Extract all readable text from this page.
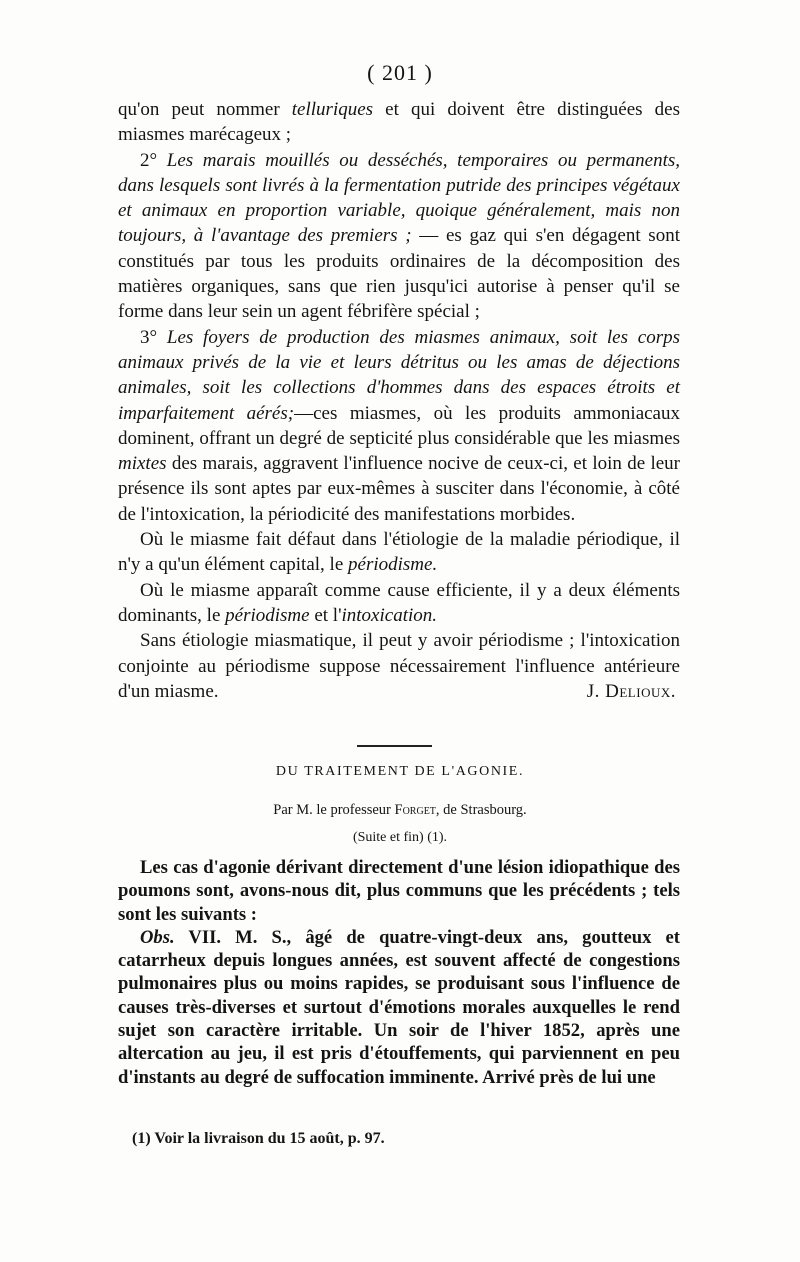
( 201 )

qu'on peut nommer telluriques et qui doivent être distinguées des miasmes marécageux ;

2° Les marais mouillés ou desséchés, temporaires ou permanents, dans lesquels sont livrés à la fermentation putride des principes végétaux et animaux en proportion variable, quoique généralement, mais non toujours, à l'avantage des premiers ; — es gaz qui s'en dégagent sont constitués par tous les produits ordinaires de la décomposition des matières organiques, sans que rien jusqu'ici autorise à penser qu'il se forme dans leur sein un agent fébrifère spécial ;

3° Les foyers de production des miasmes animaux, soit les corps animaux privés de la vie et leurs détritus ou les amas de déjections animales, soit les collections d'hommes dans des espaces étroits et imparfaitement aérés;—ces miasmes, où les produits ammoniacaux dominent, offrant un degré de septicité plus considérable que les miasmes mixtes des marais, aggravent l'influence nocive de ceux-ci, et loin de leur présence ils sont aptes par eux-mêmes à susciter dans l'économie, à côté de l'intoxication, la périodicité des manifestations morbides.

Où le miasme fait défaut dans l'étiologie de la maladie périodique, il n'y a qu'un élément capital, le périodisme.

Où le miasme apparaît comme cause efficiente, il y a deux éléments dominants, le périodisme et l'intoxication.

Sans étiologie miasmatique, il peut y avoir périodisme ; l'intoxication conjointe au périodisme suppose nécessairement l'influence antérieure d'un miasme.	J. Delioux.

DU TRAITEMENT DE L'AGONIE.
Par M. le professeur Forget, de Strasbourg.
(Suite et fin) (1).

Les cas d'agonie dérivant directement d'une lésion idiopathique des poumons sont, avons-nous dit, plus communs que les précédents ; tels sont les suivants :

Obs. VII. M. S., âgé de quatre-vingt-deux ans, goutteux et catarrheux depuis longues années, est souvent affecté de congestions pulmonaires plus ou moins rapides, se produisant sous l'influence de causes très-diverses et surtout d'émotions morales auxquelles le rend sujet son caractère irritable. Un soir de l'hiver 1852, après une altercation au jeu, il est pris d'étouffements, qui parviennent en peu d'instants au degré de suffocation imminente. Arrivé près de lui une

(1) Voir la livraison du 15 août, p. 97.
